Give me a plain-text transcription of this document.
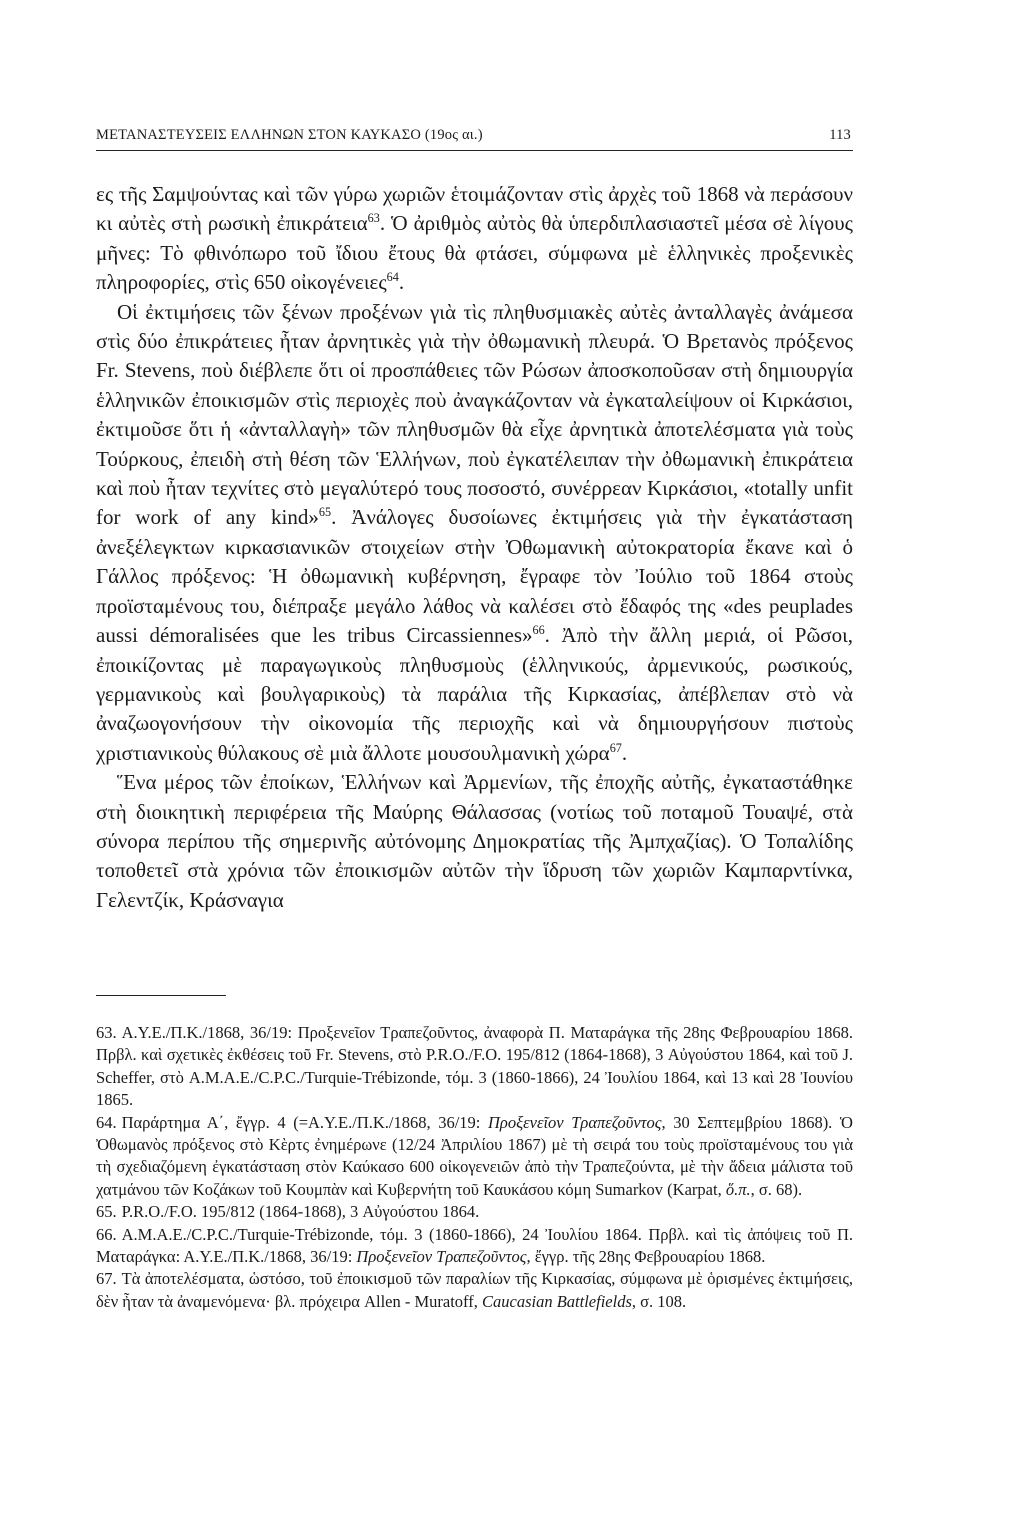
ΜΕΤΑΝΑΣΤΕΥΣΕΙΣ ΕΛΛΗΝΩΝ ΣΤΟΝ ΚΑΥΚΑΣΟ (19ος αι.)	113

ες τῆς Σαμψούντας καὶ τῶν γύρω χωριῶν ἑτοιμάζονταν στὶς ἀρχὲς τοῦ 1868 νὰ περάσουν κι αὐτὲς στὴ ρωσικὴ ἐπικράτεια$^{63}$. Ὁ ἀριθμὸς αὐτὸς θὰ ὑπερδιπλασιαστεῖ μέσα σὲ λίγους μῆνες: Τὸ φθινόπωρο τοῦ ἴδιου ἔτους θὰ φτάσει, σύμφωνα μὲ ἑλληνικὲς προξενικὲς πληροφορίες, στὶς 650 οἰκογένειες$^{64}$.

Οἱ ἐκτιμήσεις τῶν ξένων προξένων γιὰ τὶς πληθυσμιακὲς αὐτὲς ἀνταλλαγὲς ἀνάμεσα στὶς δύο ἐπικράτειες ἦταν ἀρνητικὲς γιὰ τὴν ὀθωμανικὴ πλευρά. Ὁ Βρετανὸς πρόξενος Fr. Stevens, ποὺ διέβλεπε ὅτι οἱ προσπάθειες τῶν Ρώσων ἀποσκοποῦσαν στὴ δημιουργία ἑλληνικῶν ἐποικισμῶν στὶς περιοχὲς ποὺ ἀναγκάζονταν νὰ ἐγκαταλείψουν οἱ Κιρκάσιοι, ἐκτιμοῦσε ὅτι ἡ «ἀνταλλαγὴ» τῶν πληθυσμῶν θὰ εἶχε ἀρνητικὰ ἀποτελέσματα γιὰ τοὺς Τούρκους, ἐπειδὴ στὴ θέση τῶν Ἑλλήνων, ποὺ ἐγκατέλειπαν τὴν ὀθωμανικὴ ἐπικράτεια καὶ ποὺ ἦταν τεχνίτες στὸ μεγαλύτερό τους ποσοστό, συνέρρεαν Κιρκάσιοι, «totally unfit for work of any kind»$^{65}$. Ἀνάλογες δυσοίωνες ἐκτιμήσεις γιὰ τὴν ἐγκατάσταση ἀνεξέλεγκτων κιρκασιανικῶν στοιχείων στὴν Ὀθωμανικὴ αὐτοκρατορία ἔκανε καὶ ὁ Γάλλος πρόξενος: Ἡ ὀθωμανικὴ κυβέρνηση, ἔγραφε τὸν Ἰούλιο τοῦ 1864 στοὺς προϊσταμένους του, διέπραξε μεγάλο λάθος νὰ καλέσει στὸ ἔδαφός της «des peuplades aussi démoralisées que les tribus Circassiennes»$^{66}$. Ἀπὸ τὴν ἄλλη μεριά, οἱ Ρῶσοι, ἐποικίζοντας μὲ παραγωγικοὺς πληθυσμοὺς (ἑλληνικούς, ἀρμενικούς, ρωσικούς, γερμανικοὺς καὶ βουλγαρικοὺς) τὰ παράλια τῆς Κιρκασίας, ἀπέβλεπαν στὸ νὰ ἀναζωογονήσουν τὴν οἰκονομία τῆς περιοχῆς καὶ νὰ δημιουργήσουν πιστοὺς χριστιανικοὺς θύλακους σὲ μιὰ ἄλλοτε μουσουλμανικὴ χώρα$^{67}$.

Ἕνα μέρος τῶν ἐποίκων, Ἑλλήνων καὶ Ἀρμενίων, τῆς ἐποχῆς αὐτῆς, ἐγκαταστάθηκε στὴ διοικητικὴ περιφέρεια τῆς Μαύρης Θάλασσας (νοτίως τοῦ ποταμοῦ Τουαψέ, στὰ σύνορα περίπου τῆς σημερινῆς αὐτόνομης Δημοκρατίας τῆς Ἀμπχαζίας). Ὁ Τοπαλίδης τοποθετεῖ στὰ χρόνια τῶν ἐποικισμῶν αὐτῶν τὴν ἵδρυση τῶν χωριῶν Καμπαρντίνκα, Γελεντζίκ, Κράσναγια

63. Α.Υ.Ε./Π.Κ./1868, 36/19: Προξενεῖον Τραπεζοῦντος, ἀναφορὰ Π. Ματαράγκα τῆς 28ης Φεβρουαρίου 1868. Πρβλ. καὶ σχετικὲς ἐκθέσεις τοῦ Fr. Stevens, στὸ P.R.O./F.O. 195/812 (1864-1868), 3 Αὐγούστου 1864, καὶ τοῦ J. Scheffer, στὸ A.M.A.E./C.P.C./Turquie-Trébizonde, τόμ. 3 (1860-1866), 24 Ἰουλίου 1864, καὶ 13 καὶ 28 Ἰουνίου 1865.

64. Παράρτημα Α΄, ἔγγρ. 4 (=Α.Υ.Ε./Π.Κ./1868, 36/19: Προξενεῖον Τραπεζοῦντος, 30 Σεπτεμβρίου 1868). Ὁ Ὀθωμανὸς πρόξενος στὸ Κὲρτς ἐνημέρωνε (12/24 Ἀπριλίου 1867) μὲ τὴ σειρά του τοὺς προϊσταμένους του γιὰ τὴ σχεδιαζόμενη ἐγκατάσταση στὸν Καύκασο 600 οἰκογενειῶν ἀπὸ τὴν Τραπεζούντα, μὲ τὴν ἄδεια μάλιστα τοῦ χατμάνου τῶν Κοζάκων τοῦ Κουμπὰν καὶ Κυβερνήτη τοῦ Καυκάσου κόμη Sumarkov (Karpat, ὅ.π., σ. 68).

65. P.R.O./F.O. 195/812 (1864-1868), 3 Αὐγούστου 1864.

66. A.M.A.E./C.P.C./Turquie-Trébizonde, τόμ. 3 (1860-1866), 24 Ἰουλίου 1864. Πρβλ. καὶ τὶς ἀπόψεις τοῦ Π. Ματαράγκα: Α.Υ.Ε./Π.Κ./1868, 36/19: Προξενεῖον Τραπεζοῦντος, ἔγγρ. τῆς 28ης Φεβρουαρίου 1868.

67. Τὰ ἀποτελέσματα, ὡστόσο, τοῦ ἐποικισμοῦ τῶν παραλίων τῆς Κιρκασίας, σύμφωνα μὲ ὁρισμένες ἐκτιμήσεις, δὲν ἦταν τὰ ἀναμενόμενα· βλ. πρόχειρα Allen - Muratoff, Caucasian Battlefields, σ. 108.
